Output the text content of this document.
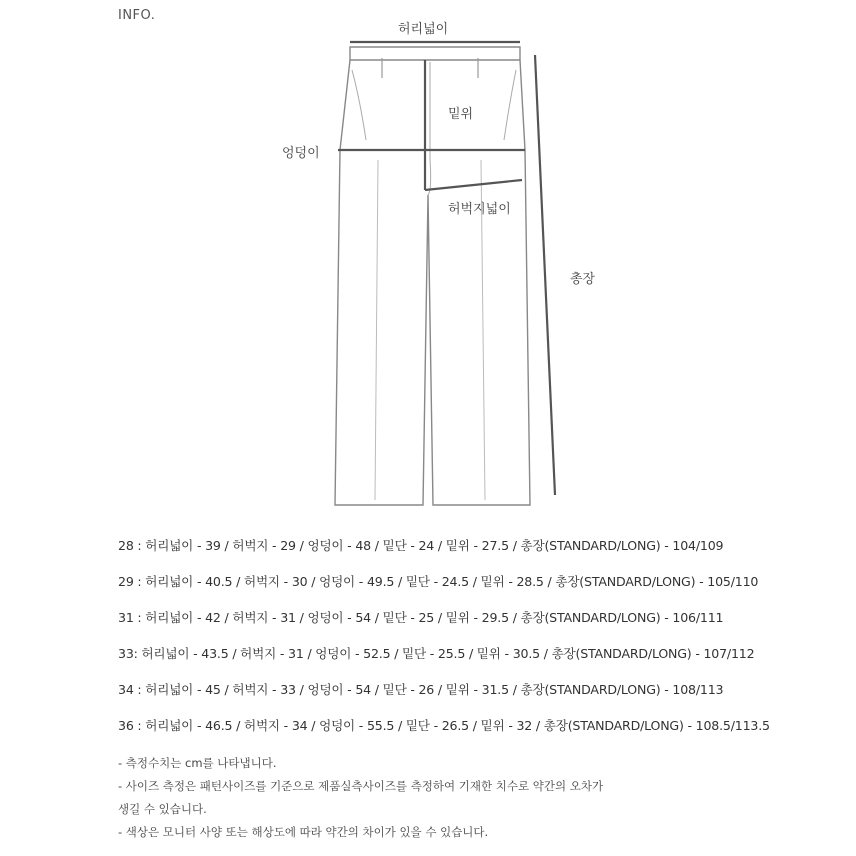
INFO.
허리넓이
밑위
엉덩이
허벅지넓이
총장
28 : 허리넓이 - 39 / 허벅지 - 29 / 엉덩이 - 48 / 밑단 - 24 / 밑위 - 27.5 / 총장(STANDARD/LONG) - 104/109
29 : 허리넓이 - 40.5 / 허벅지 - 30 / 엉덩이 - 49.5 / 밑단 - 24.5 / 밑위 - 28.5 / 총장(STANDARD/LONG) - 105/110
31 : 허리넓이 - 42 / 허벅지 - 31 / 엉덩이 - 54 / 밑단 - 25 / 밑위 - 29.5 / 총장(STANDARD/LONG) - 106/111
33: 허리넓이 - 43.5 / 허벅지 - 31 / 엉덩이 - 52.5 / 밑단 - 25.5 / 밑위 - 30.5 / 총장(STANDARD/LONG) - 107/112
34 : 허리넓이 - 45 / 허벅지 - 33 / 엉덩이 - 54 / 밑단 - 26 / 밑위 - 31.5 / 총장(STANDARD/LONG) - 108/113
36 : 허리넓이 - 46.5 / 허벅지 - 34 / 엉덩이 - 55.5 / 밑단 - 26.5 / 밑위 - 32 / 총장(STANDARD/LONG) - 108.5/113.5
- 측정수치는 cm를 나타냅니다.
- 사이즈 측정은 패턴사이즈를 기준으로 제품실측사이즈를 측정하여 기재한 치수로 약간의 오차가
생길 수 있습니다.
- 색상은 모니터 사양 또는 해상도에 따라 약간의 차이가 있을 수 있습니다.
